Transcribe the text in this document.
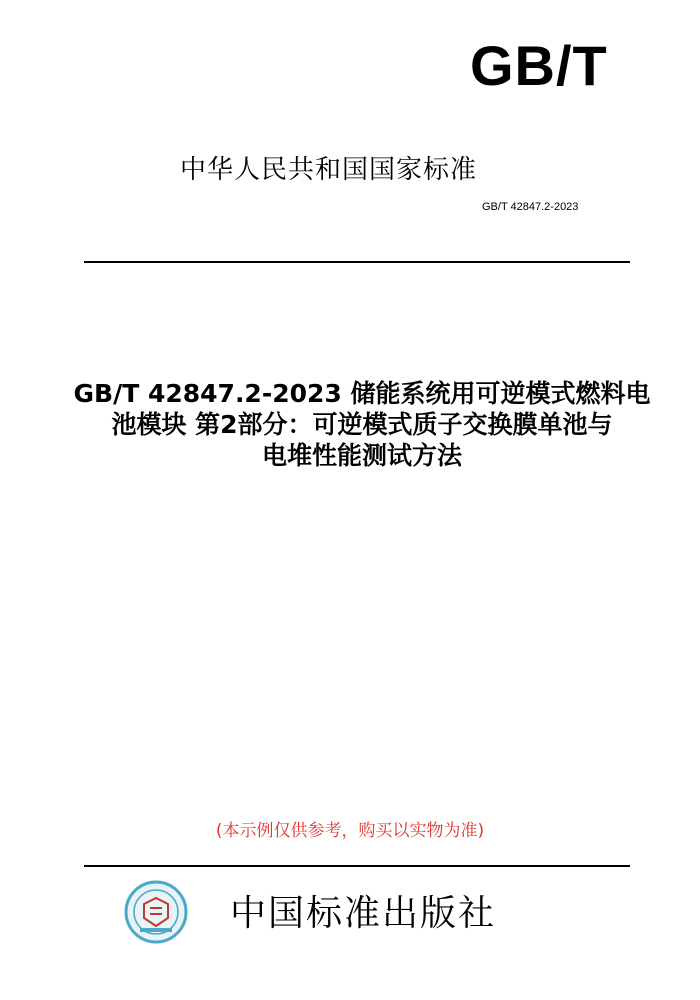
GB/T
中华人民共和国国家标准
GB/T 42847.2-2023
GB/T 42847.2-2023 储能系统用可逆模式燃料电
池模块 第2部分：可逆模式质子交换膜单池与
电堆性能测试方法
(本示例仅供参考，购买以实物为准)
中国标准出版社
